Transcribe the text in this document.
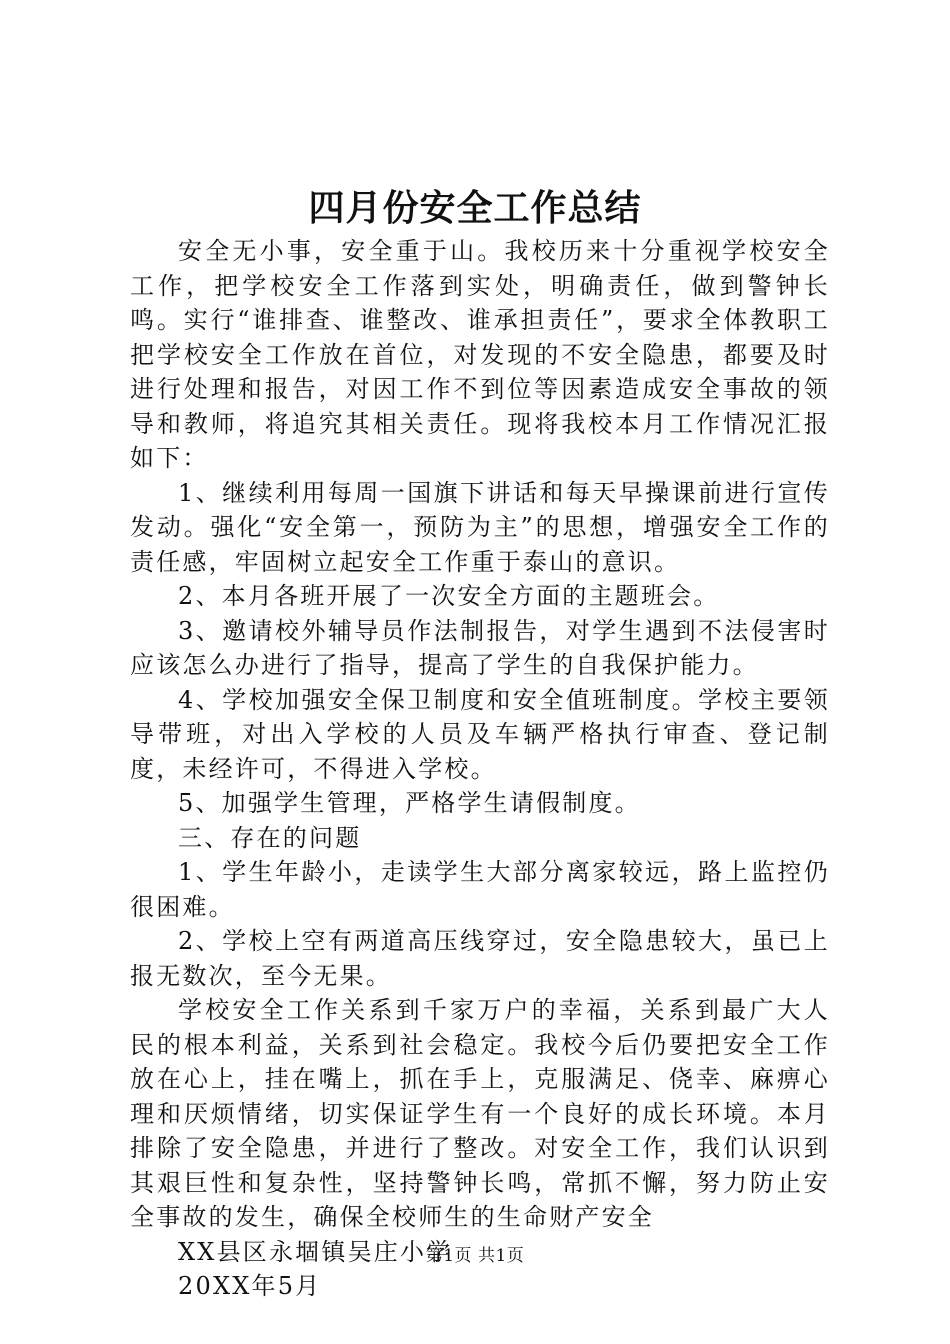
四月份安全工作总结

安全无小事，安全重于山。我校历来十分重视学校安全工作，把学校安全工作落到实处，明确责任，做到警钟长鸣。实行“谁排查、谁整改、谁承担责任”，要求全体教职工把学校安全工作放在首位，对发现的不安全隐患，都要及时进行处理和报告，对因工作不到位等因素造成安全事故的领导和教师，将追究其相关责任。现将我校本月工作情况汇报如下：

1、继续利用每周一国旗下讲话和每天早操课前进行宣传发动。强化“安全第一，预防为主”的思想，增强安全工作的责任感，牢固树立起安全工作重于泰山的意识。

2、本月各班开展了一次安全方面的主题班会。

3、邀请校外辅导员作法制报告，对学生遇到不法侵害时应该怎么办进行了指导，提高了学生的自我保护能力。

4、学校加强安全保卫制度和安全值班制度。学校主要领导带班，对出入学校的人员及车辆严格执行审查、登记制度，未经许可，不得进入学校。

5、加强学生管理，严格学生请假制度。

三、存在的问题

1、学生年龄小，走读学生大部分离家较远，路上监控仍很困难。

2、学校上空有两道高压线穿过，安全隐患较大，虽已上报无数次，至今无果。

学校安全工作关系到千家万户的幸福，关系到最广大人民的根本利益，关系到社会稳定。我校今后仍要把安全工作放在心上，挂在嘴上，抓在手上，克服满足、侥幸、麻痹心理和厌烦情绪，切实保证学生有一个良好的成长环境。本月排除了安全隐患，并进行了整改。对安全工作，我们认识到其艰巨性和复杂性，坚持警钟长鸣，常抓不懈，努力防止安全事故的发生，确保全校师生的生命财产安全

XX县区永堌镇吴庄小学

20XX年5月

第1页 共1页
